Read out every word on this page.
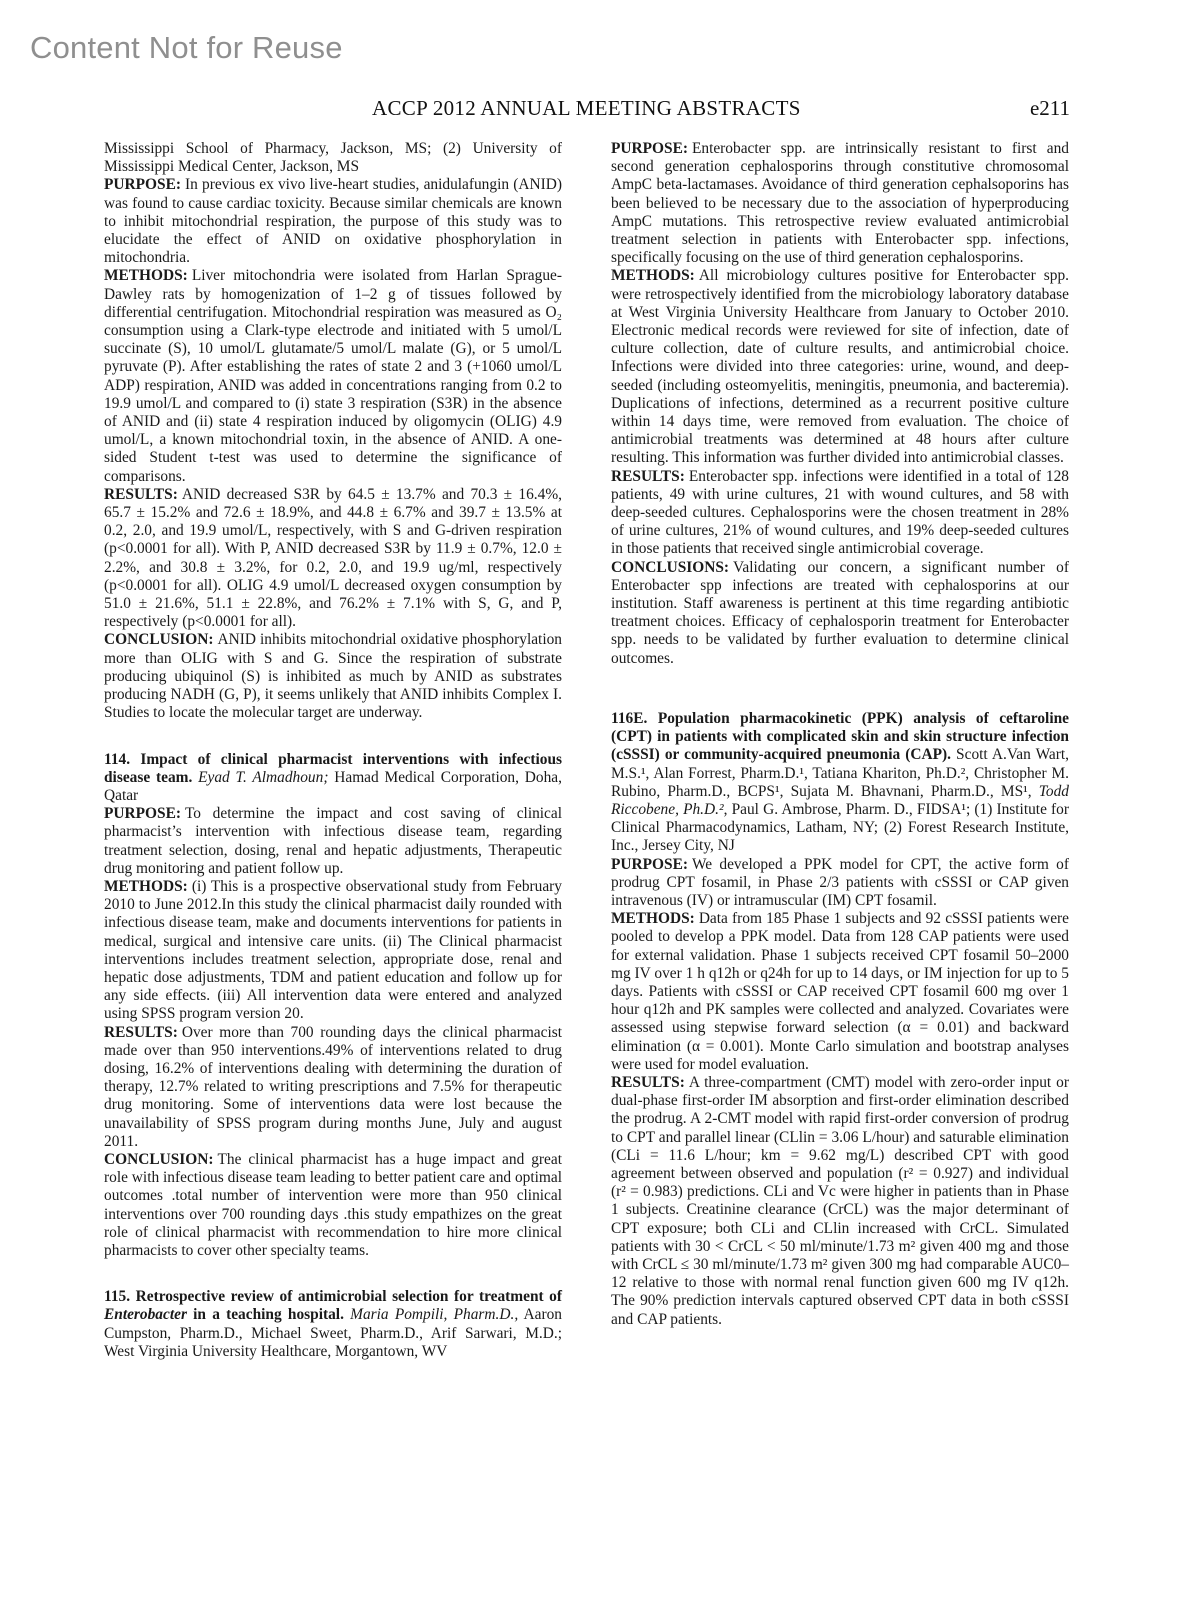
Content Not for Reuse
ACCP 2012 ANNUAL MEETING ABSTRACTS	e211

Mississippi School of Pharmacy, Jackson, MS; (2) University of Mississippi Medical Center, Jackson, MS

PURPOSE: In previous ex vivo live-heart studies, anidulafungin (ANID) was found to cause cardiac toxicity. Because similar chemicals are known to inhibit mitochondrial respiration, the purpose of this study was to elucidate the effect of ANID on oxidative phosphorylation in mitochondria.

METHODS: Liver mitochondria were isolated from Harlan Sprague-Dawley rats by homogenization of 1–2 g of tissues followed by differential centrifugation. Mitochondrial respiration was measured as O₂ consumption using a Clark-type electrode and initiated with 5 umol/L succinate (S), 10 umol/L glutamate/5 umol/L malate (G), or 5 umol/L pyruvate (P). After establishing the rates of state 2 and 3 (+1060 umol/L ADP) respiration, ANID was added in concentrations ranging from 0.2 to 19.9 umol/L and compared to (i) state 3 respiration (S3R) in the absence of ANID and (ii) state 4 respiration induced by oligomycin (OLIG) 4.9 umol/L, a known mitochondrial toxin, in the absence of ANID. A one-sided Student t-test was used to determine the significance of comparisons.

RESULTS: ANID decreased S3R by 64.5 ± 13.7% and 70.3 ± 16.4%, 65.7 ± 15.2% and 72.6 ± 18.9%, and 44.8 ± 6.7% and 39.7 ± 13.5% at 0.2, 2.0, and 19.9 umol/L, respectively, with S and G-driven respiration (p<0.0001 for all). With P, ANID decreased S3R by 11.9 ± 0.7%, 12.0 ± 2.2%, and 30.8 ± 3.2%, for 0.2, 2.0, and 19.9 ug/ml, respectively (p<0.0001 for all). OLIG 4.9 umol/L decreased oxygen consumption by 51.0 ± 21.6%, 51.1 ± 22.8%, and 76.2% ± 7.1% with S, G, and P, respectively (p<0.0001 for all).

CONCLUSION: ANID inhibits mitochondrial oxidative phosphorylation more than OLIG with S and G. Since the respiration of substrate producing ubiquinol (S) is inhibited as much by ANID as substrates producing NADH (G, P), it seems unlikely that ANID inhibits Complex I. Studies to locate the molecular target are underway.

114. Impact of clinical pharmacist interventions with infectious disease team. Eyad T. Almadhoun; Hamad Medical Corporation, Doha, Qatar

PURPOSE: To determine the impact and cost saving of clinical pharmacist’s intervention with infectious disease team, regarding treatment selection, dosing, renal and hepatic adjustments, Therapeutic drug monitoring and patient follow up.

METHODS: (i) This is a prospective observational study from February 2010 to June 2012.In this study the clinical pharmacist daily rounded with infectious disease team, make and documents interventions for patients in medical, surgical and intensive care units. (ii) The Clinical pharmacist interventions includes treatment selection, appropriate dose, renal and hepatic dose adjustments, TDM and patient education and follow up for any side effects. (iii) All intervention data were entered and analyzed using SPSS program version 20.

RESULTS: Over more than 700 rounding days the clinical pharmacist made over than 950 interventions.49% of interventions related to drug dosing, 16.2% of interventions dealing with determining the duration of therapy, 12.7% related to writing prescriptions and 7.5% for therapeutic drug monitoring. Some of interventions data were lost because the unavailability of SPSS program during months June, July and august 2011.

CONCLUSION: The clinical pharmacist has a huge impact and great role with infectious disease team leading to better patient care and optimal outcomes .total number of intervention were more than 950 clinical interventions over 700 rounding days .this study empathizes on the great role of clinical pharmacist with recommendation to hire more clinical pharmacists to cover other specialty teams.

115. Retrospective review of antimicrobial selection for treatment of Enterobacter in a teaching hospital. Maria Pompili, Pharm.D., Aaron Cumpston, Pharm.D., Michael Sweet, Pharm.D., Arif Sarwari, M.D.; West Virginia University Healthcare, Morgantown, WV

PURPOSE: Enterobacter spp. are intrinsically resistant to first and second generation cephalosporins through constitutive chromosomal AmpC beta-lactamases. Avoidance of third generation cephalsoporins has been believed to be necessary due to the association of hyperproducing AmpC mutations. This retrospective review evaluated antimicrobial treatment selection in patients with Enterobacter spp. infections, specifically focusing on the use of third generation cephalosporins.

METHODS: All microbiology cultures positive for Enterobacter spp. were retrospectively identified from the microbiology laboratory database at West Virginia University Healthcare from January to October 2010. Electronic medical records were reviewed for site of infection, date of culture collection, date of culture results, and antimicrobial choice. Infections were divided into three categories: urine, wound, and deep-seeded (including osteomyelitis, meningitis, pneumonia, and bacteremia). Duplications of infections, determined as a recurrent positive culture within 14 days time, were removed from evaluation. The choice of antimicrobial treatments was determined at 48 hours after culture resulting. This information was further divided into antimicrobial classes.

RESULTS: Enterobacter spp. infections were identified in a total of 128 patients, 49 with urine cultures, 21 with wound cultures, and 58 with deep-seeded cultures. Cephalosporins were the chosen treatment in 28% of urine cultures, 21% of wound cultures, and 19% deep-seeded cultures in those patients that received single antimicrobial coverage.

CONCLUSIONS: Validating our concern, a significant number of Enterobacter spp infections are treated with cephalosporins at our institution. Staff awareness is pertinent at this time regarding antibiotic treatment choices. Efficacy of cephalosporin treatment for Enterobacter spp. needs to be validated by further evaluation to determine clinical outcomes.

116E. Population pharmacokinetic (PPK) analysis of ceftaroline (CPT) in patients with complicated skin and skin structure infection (cSSSI) or community-acquired pneumonia (CAP). Scott A.Van Wart, M.S.¹, Alan Forrest, Pharm.D.¹, Tatiana Khariton, Ph.D.², Christopher M. Rubino, Pharm.D., BCPS¹, Sujata M. Bhavnani, Pharm.D., MS¹, Todd Riccobene, Ph.D.², Paul G. Ambrose, Pharm. D., FIDSA¹; (1) Institute for Clinical Pharmacodynamics, Latham, NY; (2) Forest Research Institute, Inc., Jersey City, NJ

PURPOSE: We developed a PPK model for CPT, the active form of prodrug CPT fosamil, in Phase 2/3 patients with cSSSI or CAP given intravenous (IV) or intramuscular (IM) CPT fosamil.

METHODS: Data from 185 Phase 1 subjects and 92 cSSSI patients were pooled to develop a PPK model. Data from 128 CAP patients were used for external validation. Phase 1 subjects received CPT fosamil 50–2000 mg IV over 1 h q12h or q24h for up to 14 days, or IM injection for up to 5 days. Patients with cSSSI or CAP received CPT fosamil 600 mg over 1 hour q12h and PK samples were collected and analyzed. Covariates were assessed using stepwise forward selection (α = 0.01) and backward elimination (α = 0.001). Monte Carlo simulation and bootstrap analyses were used for model evaluation.

RESULTS: A three-compartment (CMT) model with zero-order input or dual-phase first-order IM absorption and first-order elimination described the prodrug. A 2-CMT model with rapid first-order conversion of prodrug to CPT and parallel linear (CLlin = 3.06 L/hour) and saturable elimination (CLi = 11.6 L/hour; km = 9.62 mg/L) described CPT with good agreement between observed and population (r² = 0.927) and individual (r² = 0.983) predictions. CLi and Vc were higher in patients than in Phase 1 subjects. Creatinine clearance (CrCL) was the major determinant of CPT exposure; both CLi and CLlin increased with CrCL. Simulated patients with 30 < CrCL < 50 ml/minute/1.73 m² given 400 mg and those with CrCL ≤ 30 ml/minute/1.73 m² given 300 mg had comparable AUC0–12 relative to those with normal renal function given 600 mg IV q12h. The 90% prediction intervals captured observed CPT data in both cSSSI and CAP patients.
